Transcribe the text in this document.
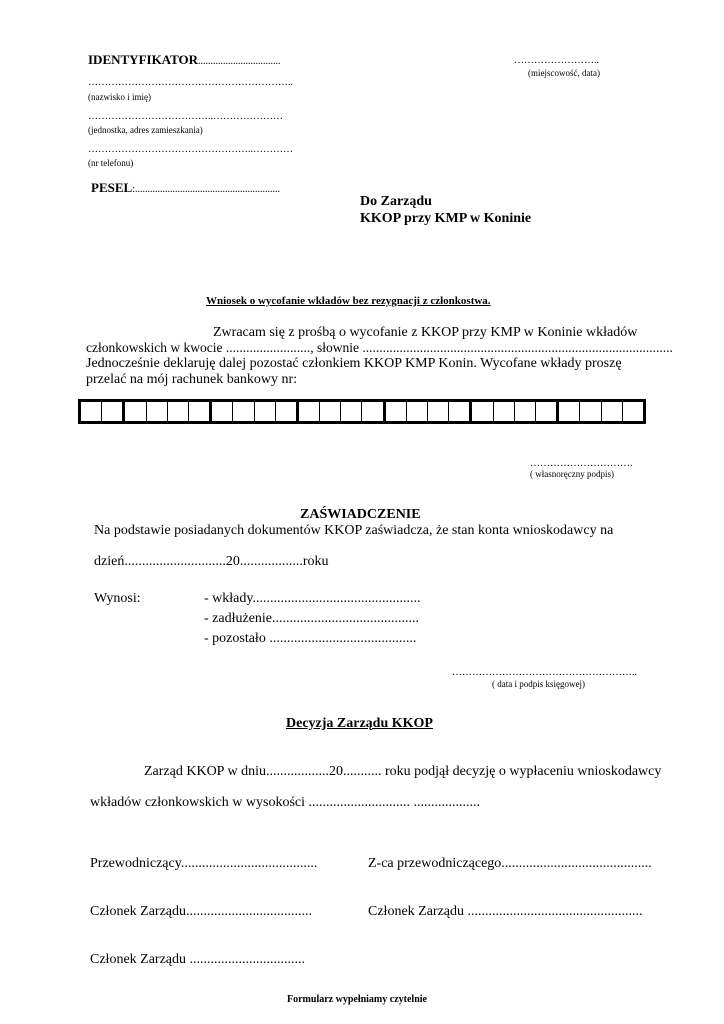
IDENTYFIKATOR.................................	……………………..
(miejscowość, data)
……………………………………………………..
(nazwisko i imię)
………………………………..…………………
(jednostka, adres zamieszkania)
…………………………………………..…………
(nr telefonu)
PESEL:..........................................................
Do Zarządu
KKOP przy KMP w Koninie
Wniosek o wycofanie wkładów bez rezygnacji z członkostwa.
Zwracam się z prośbą o wycofanie z KKOP przy KMP w Koninie wkładów
członkowskich w kwocie ........................., słownie ............................................................................................
Jednocześnie deklaruję dalej pozostać członkiem KKOP KMP Konin. Wycofane wkłady proszę
przelać na mój rachunek bankowy nr:
………………………….
( własnoręczny podpis)
ZAŚWIADCZENIE
Na podstawie posiadanych dokumentów KKOP zaświadcza, że stan konta wnioskodawcy na
dzień.............................20..................roku
Wynosi:	- wkłady................................................
- zadłużenie..........................................
- pozostało ..........................................
………………………………………………..
( data i podpis księgowej)
Decyzja Zarządu KKOP
Zarząd KKOP w dniu..................20........... roku podjął decyzję o wypłaceniu wnioskodawcy
wkładów członkowskich w wysokości ............................. ...................
Przewodniczący.......................................	Z-ca przewodniczącego...........................................
Członek Zarządu....................................	Członek Zarządu ..................................................
Członek Zarządu .................................
Formularz wypełniamy czytelnie
